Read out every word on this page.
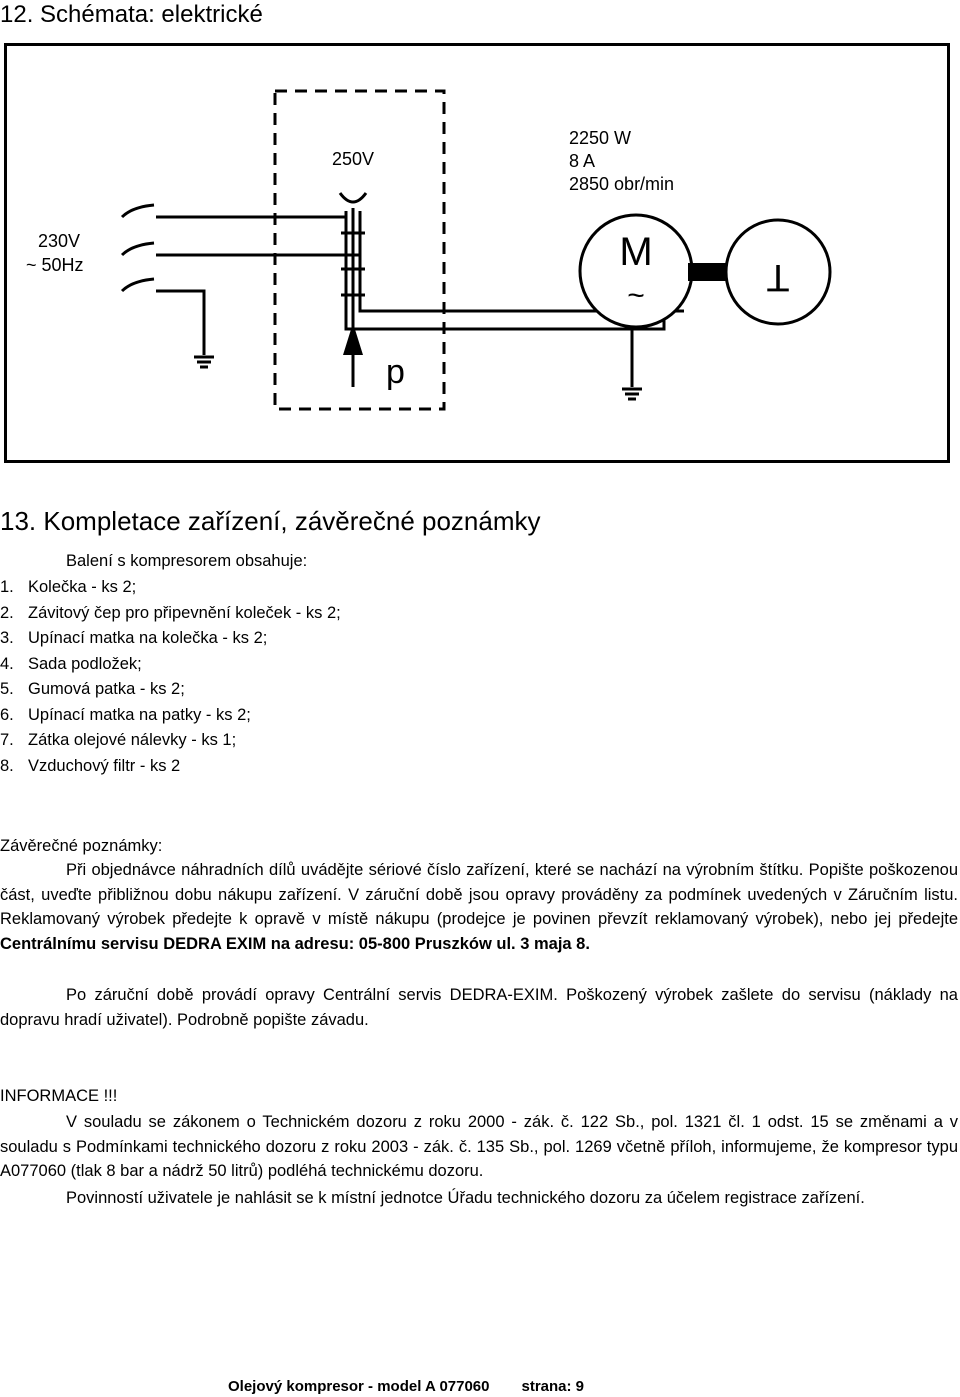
12. Schémata: elektrické
230V
~ 50Hz
250V
p
2250 W
8 A
2850 obr/min
M
~	T
13. Kompletace zařízení, závěrečné poznámky
Balení s kompresorem obsahuje:
1. Kolečka - ks 2;
2. Závitový čep pro připevnění koleček - ks 2;
3. Upínací matka na kolečka - ks 2;
4. Sada podložek;
5. Gumová patka - ks 2;
6. Upínací matka na patky - ks 2;
7. Zátka olejové nálevky - ks 1;
8. Vzduchový filtr - ks 2
Závěrečné poznámky:

Při objednávce náhradních dílů uvádějte sériové číslo zařízení, které se nachází na výrobním štítku. Popište poškozenou část, uveďte přibližnou dobu nákupu zařízení. V záruční době jsou opravy prováděny za podmínek uvedených v Záručním listu. Reklamovaný výrobek předejte k opravě v místě nákupu (prodejce je povinen převzít reklamovaný výrobek), nebo jej předejte Centrálnímu servisu DEDRA EXIM na adresu: 05-800 Pruszków ul. 3 maja 8.

Po záruční době provádí opravy Centrální servis DEDRA-EXIM. Poškozený výrobek zašlete do servisu (náklady na dopravu hradí uživatel). Podrobně popište závadu.

INFORMACE !!!

V souladu se zákonem o Technickém dozoru z roku 2000 - zák. č. 122 Sb., pol. 1321 čl. 1 odst. 15 se změnami a v souladu s Podmínkami technického dozoru z roku 2003 - zák. č. 135 Sb., pol. 1269 včetně příloh, informujeme, že kompresor typu A077060 (tlak 8 bar a nádrž 50 litrů) podléhá technickému dozoru.

Povinností uživatele je nahlásit se k místní jednotce Úřadu technického dozoru za účelem registrace zařízení.

Olejový kompresor - model A 077060 strana: 9
